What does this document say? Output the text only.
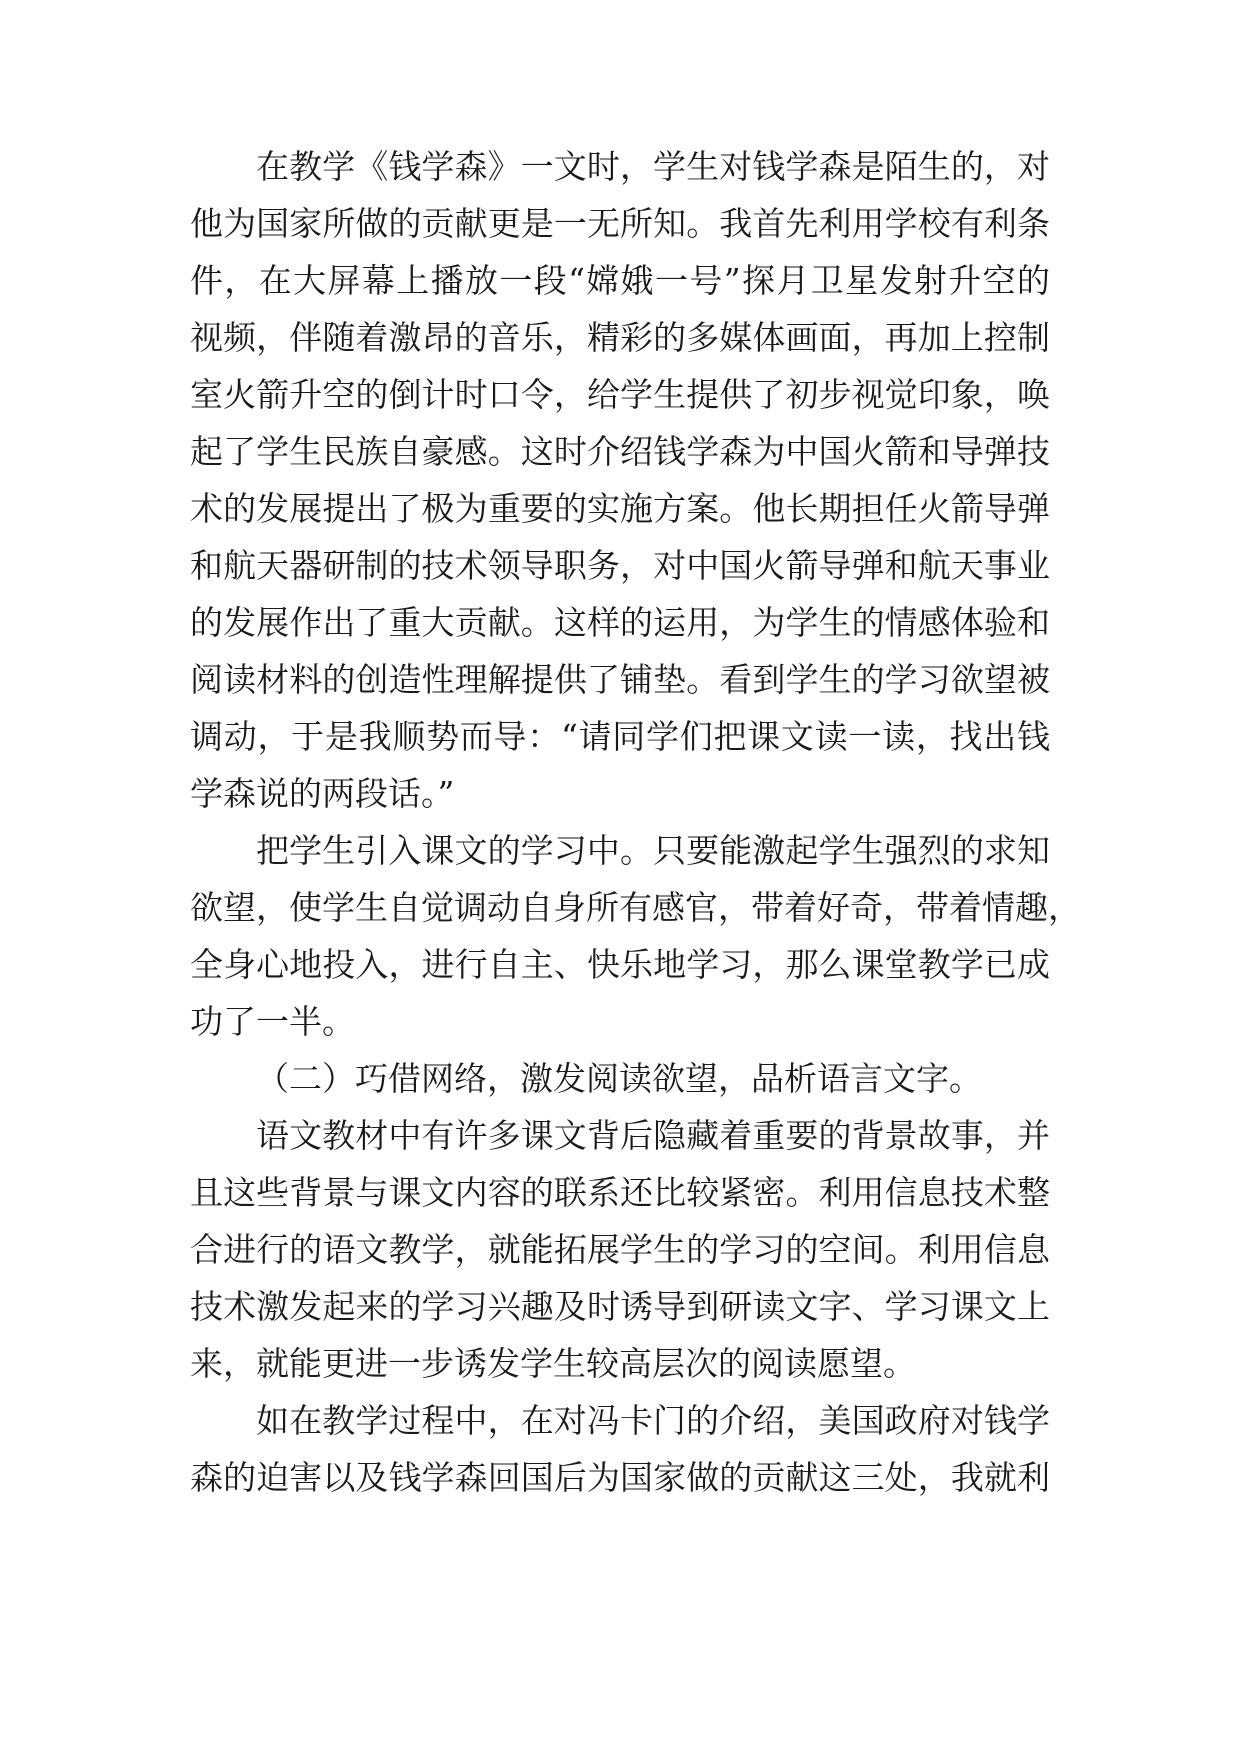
在教学《钱学森》一文时，学生对钱学森是陌生的，对
他为国家所做的贡献更是一无所知。我首先利用学校有利条
件，在大屏幕上播放一段“嫦娥一号”探月卫星发射升空的
视频，伴随着激昂的音乐，精彩的多媒体画面，再加上控制
室火箭升空的倒计时口令，给学生提供了初步视觉印象，唤
起了学生民族自豪感。这时介绍钱学森为中国火箭和导弹技
术的发展提出了极为重要的实施方案。他长期担任火箭导弹
和航天器研制的技术领导职务，对中国火箭导弹和航天事业
的发展作出了重大贡献。这样的运用，为学生的情感体验和
阅读材料的创造性理解提供了铺垫。看到学生的学习欲望被
调动，于是我顺势而导：“请同学们把课文读一读，找出钱
学森说的两段话。”
把学生引入课文的学习中。只要能激起学生强烈的求知
欲望，使学生自觉调动自身所有感官，带着好奇，带着情趣，
全身心地投入，进行自主、快乐地学习，那么课堂教学已成
功了一半。
（二）巧借网络，激发阅读欲望，品析语言文字。
语文教材中有许多课文背后隐藏着重要的背景故事，并
且这些背景与课文内容的联系还比较紧密。利用信息技术整
合进行的语文教学，就能拓展学生的学习的空间。利用信息
技术激发起来的学习兴趣及时诱导到研读文字、学习课文上
来，就能更进一步诱发学生较高层次的阅读愿望。
如在教学过程中，在对冯卡门的介绍，美国政府对钱学
森的迫害以及钱学森回国后为国家做的贡献这三处，我就利
